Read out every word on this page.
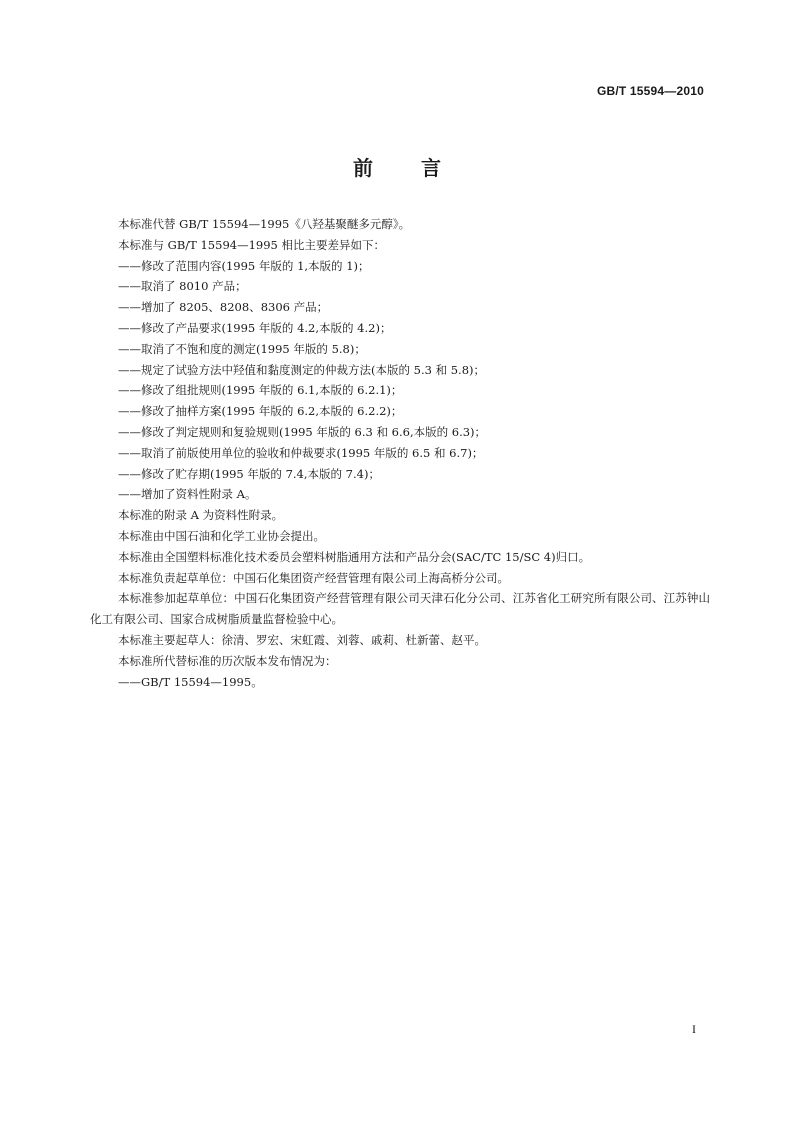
GB/T 15594—2010
前言

本标准代替 GB/T 15594—1995《八羟基聚醚多元醇》。

本标准与 GB/T 15594—1995 相比主要差异如下：

——修改了范围内容(1995 年版的 1,本版的 1)；

——取消了 8010 产品；

——增加了 8205、8208、8306 产品；

——修改了产品要求(1995 年版的 4.2,本版的 4.2)；

——取消了不饱和度的测定(1995 年版的 5.8)；

——规定了试验方法中羟值和黏度测定的仲裁方法(本版的 5.3 和 5.8)；

——修改了组批规则(1995 年版的 6.1,本版的 6.2.1)；

——修改了抽样方案(1995 年版的 6.2,本版的 6.2.2)；

——修改了判定规则和复验规则(1995 年版的 6.3 和 6.6,本版的 6.3)；

——取消了前版使用单位的验收和仲裁要求(1995 年版的 6.5 和 6.7)；

——修改了贮存期(1995 年版的 7.4,本版的 7.4)；

——增加了资料性附录 A。

本标准的附录 A 为资料性附录。

本标准由中国石油和化学工业协会提出。

本标准由全国塑料标准化技术委员会塑料树脂通用方法和产品分会(SAC/TC 15/SC 4)归口。

本标准负责起草单位：中国石化集团资产经营管理有限公司上海高桥分公司。

本标准参加起草单位：中国石化集团资产经营管理有限公司天津石化分公司、江苏省化工研究所有限公司、江苏钟山化工有限公司、国家合成树脂质量监督检验中心。

本标准主要起草人：徐清、罗宏、宋虹霞、刘蓉、戚莉、杜新蕾、赵平。

本标准所代替标准的历次版本发布情况为：

——GB/T 15594—1995。

I
